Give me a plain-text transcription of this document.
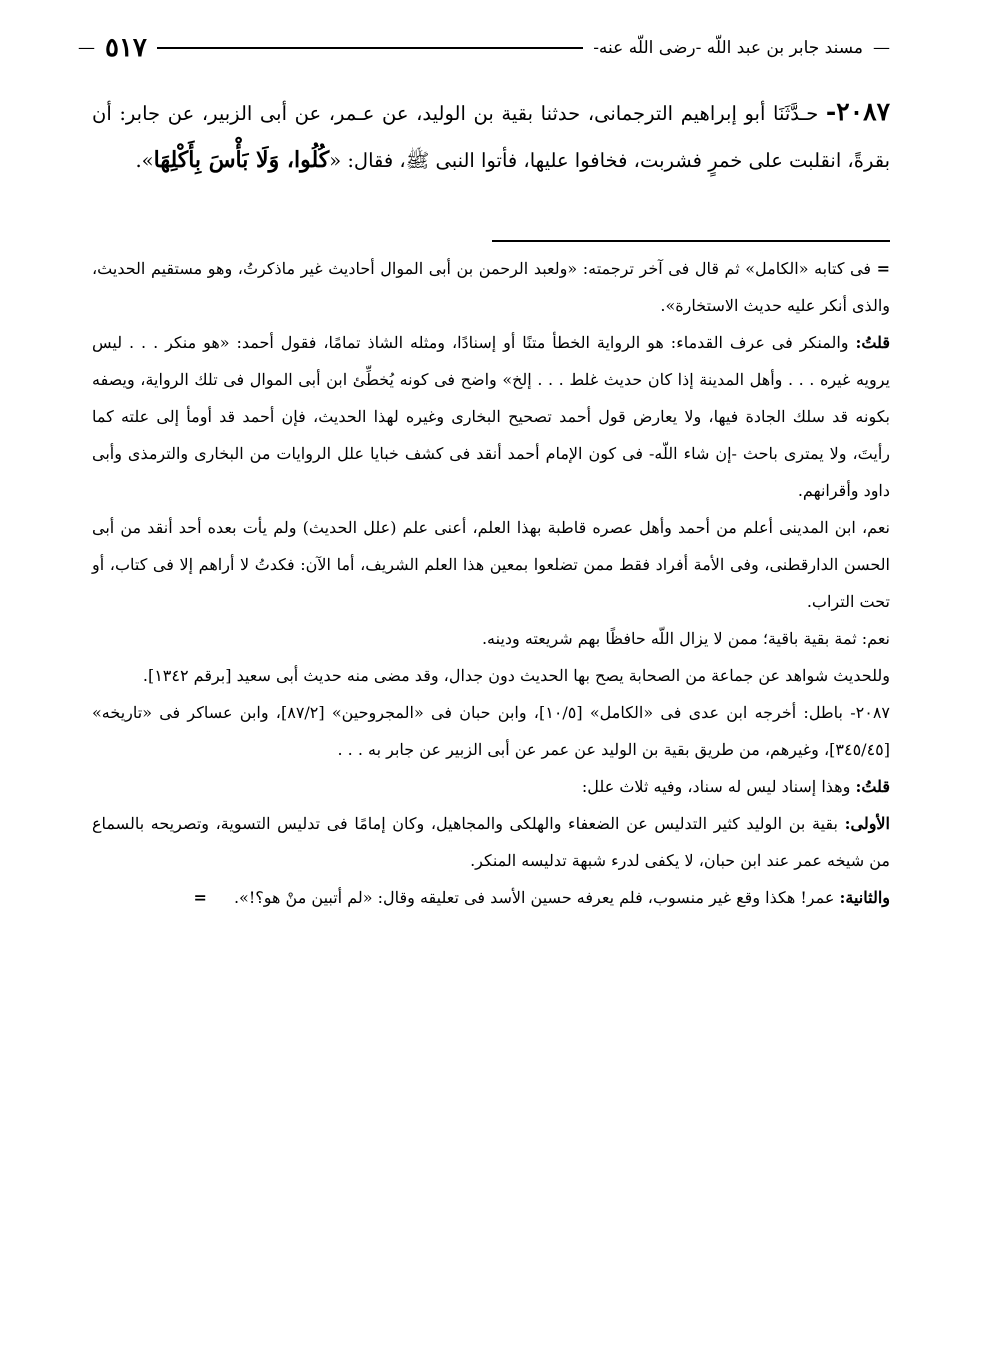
—
مسند جابر بن عبد اللّه -رضى اللّه عنه-
٥١٧
—
٢٠٨٧- حـدَّثَنَا أبو إبراهيم الترجمانى، حدثنا بقية بن الوليد، عن عـمر، عن أبى الزبير، عن جابر: أن بقرةً، انقلبت على خمرٍ فشربت، فخافوا عليها، فأتوا النبى ﷺ، فقال: «كُلُوا، وَلَا بَأْسَ بِأَكْلِهَا».

= فى كتابه «الكامل» ثم قال فى آخر ترجمته: «ولعبد الرحمن بن أبى الموال أحاديث غير ماذكرتُ، وهو مستقيم الحديث، والذى أنكر عليه حديث الاستخارة».

قلتُ: والمنكر فى عرف القدماء: هو الرواية الخطأ متنًا أو إسنادًا، ومثله الشاذ تمامًا، فقول أحمد: «هو منكر . . . ليس يرويه غيره . . . وأهل المدينة إذا كان حديث غلط . . . إلخ» واضح فى كونه يُخطِّئ ابن أبى الموال فى تلك الرواية، ويصفه بكونه قد سلك الجادة فيها، ولا يعارض قول أحمد تصحيح البخارى وغيره لهذا الحديث، فإن أحمد قد أومأ إلى علته كما رأيتَ، ولا يمترى باحث -إن شاء اللّه- فى كون الإمام أحمد أنقد فى كشف خبايا علل الروايات من البخارى والترمذى وأبى داود وأقرانهم.

نعم، ابن المدينى أعلم من أحمد وأهل عصره قاطبة بهذا العلم، أعنى علم (علل الحديث) ولم يأت بعده أحد أنقد من أبى الحسن الدارقطنى، وفى الأمة أفراد فقط ممن تضلعوا بمعين هذا العلم الشريف، أما الآن: فكدتُ لا أراهم إلا فى كتاب، أو تحت التراب.

نعم: ثمة بقية باقية؛ ممن لا يزال اللّه حافظًا بهم شريعته ودينه.

وللحديث شواهد عن جماعة من الصحابة يصح بها الحديث دون جدال، وقد مضى منه حديث أبى سعيد [برقم ١٣٤٢].

٢٠٨٧- باطل: أخرجه ابن عدى فى «الكامل» [١٠/٥]، وابن حبان فى «المجروحين» [٨٧/٢]، وابن عساكر فى «تاريخه» [٣٤٥/٤٥]، وغيرهم، من طريق بقية بن الوليد عن عمر عن أبى الزبير عن جابر به . . .

قلتُ: وهذا إسناد ليس له سناد، وفيه ثلاث علل:

الأولى: بقية بن الوليد كثير التدليس عن الضعفاء والهلكى والمجاهيل، وكان إمامًا فى تدليس التسوية، وتصريحه بالسماع من شيخه عمر عند ابن حبان، لا يكفى لدرء شبهة تدليسه المنكر.

والثانية: عمر! هكذا وقع غير منسوب، فلم يعرفه حسين الأسد فى تعليقه وقال: «لم أتبين منْ هو؟!». =
